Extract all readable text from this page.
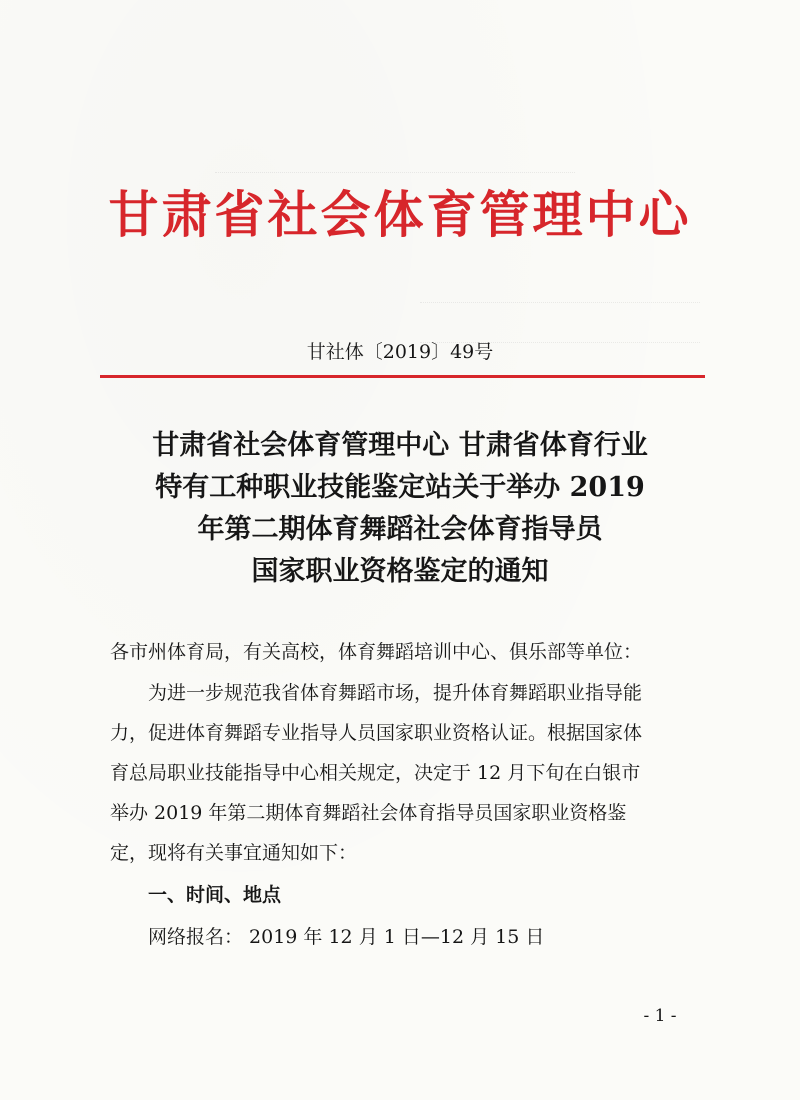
甘肃省社会体育管理中心
甘社体〔2019〕49号
甘肃省社会体育管理中心 甘肃省体育行业
特有工种职业技能鉴定站关于举办 2019
年第二期体育舞蹈社会体育指导员
国家职业资格鉴定的通知
各市州体育局，有关高校，体育舞蹈培训中心、俱乐部等单位：
为进一步规范我省体育舞蹈市场，提升体育舞蹈职业指导能
力，促进体育舞蹈专业指导人员国家职业资格认证。根据国家体
育总局职业技能指导中心相关规定，决定于 12 月下旬在白银市
举办 2019 年第二期体育舞蹈社会体育指导员国家职业资格鉴
定，现将有关事宜通知如下：
一、时间、地点
网络报名： 2019 年 12 月 1 日—12 月 15 日
- 1 -
